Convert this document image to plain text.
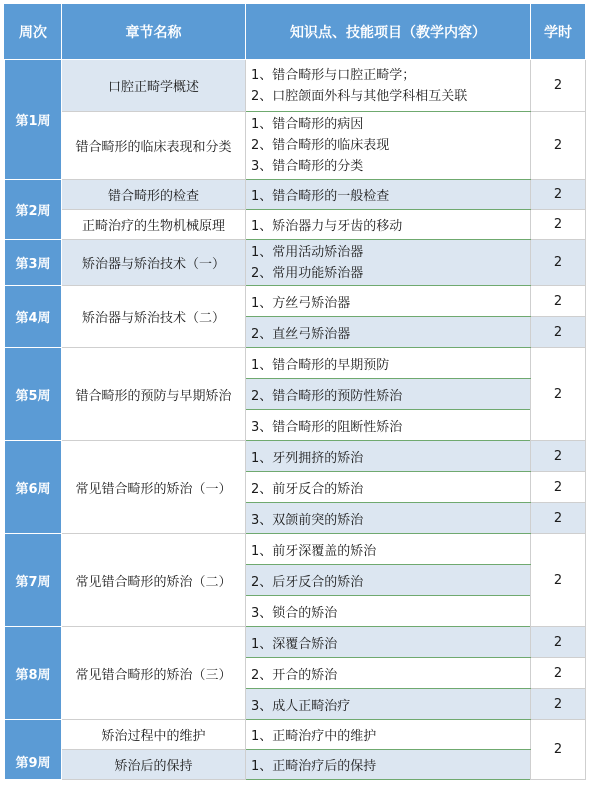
周次	章节名称	知识点、技能项目（教学内容）	学时
第1周	口腔正畸学概述	1、错合畸形与口腔正畸学；
2、口腔颌面外科与其他学科相互关联	2
	错合畸形的临床表现和分类	1、错合畸形的病因
2、错合畸形的临床表现
3、错合畸形的分类	2
第2周	错合畸形的检查	1、错合畸形的一般检查	2
	正畸治疗的生物机械原理	1、矫治器力与牙齿的移动	2
第3周	矫治器与矫治技术（一）	1、常用活动矫治器
2、常用功能矫治器	2
第4周	矫治器与矫治技术（二）	1、方丝弓矫治器	2
		2、直丝弓矫治器	2
第5周	错合畸形的预防与早期矫治	1、错合畸形的早期预防	2
		2、错合畸形的预防性矫治	
		3、错合畸形的阻断性矫治	
第6周	常见错合畸形的矫治（一）	1、牙列拥挤的矫治	2
		2、前牙反合的矫治	2
		3、双颌前突的矫治	2
第7周	常见错合畸形的矫治（二）	1、前牙深覆盖的矫治	2
		2、后牙反合的矫治	
		3、锁合的矫治	
第8周	常见错合畸形的矫治（三）	1、深覆合矫治	2
		2、开合的矫治	2
		3、成人正畸治疗	2
第9周	矫治过程中的维护	1、正畸治疗中的维护	2
	矫治后的保持	1、正畸治疗后的保持	
